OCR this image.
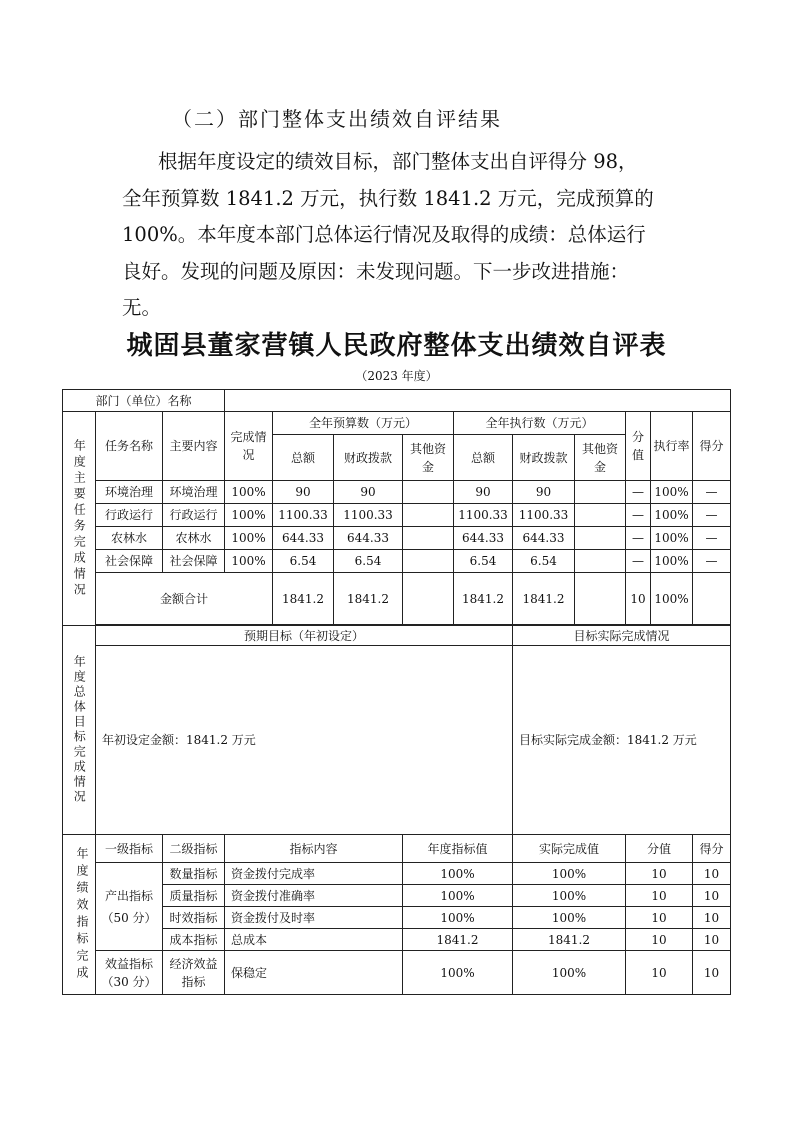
（二）部门整体支出绩效自评结果
根据年度设定的绩效目标，部门整体支出自评得分 98，
全年预算数 1841.2 万元，执行数 1841.2 万元，完成预算的
100%。本年度本部门总体运行情况及取得的成绩：总体运行
良好。发现的问题及原因：未发现问题。下一步改进措施：
无。
城固县董家营镇人民政府整体支出绩效自评表
（2023 年度）
部门（单位）名称												
年度主要任务完成情况	任务名称	主要内容	完成情况	全年预算数（万元）			全年执行数（万元）			分值	执行率	得分
				总额	财政拨款	其他资金	总额	财政拨款	其他资金			
	环境治理	环境治理	100%	90	90		90	90		—	100%	—
	行政运行	行政运行	100%	1100.33	1100.33		1100.33	1100.33		—	100%	—
	农林水	农林水	100%	644.33	644.33		644.33	644.33		—	100%	—
	社会保障	社会保障	100%	6.54	6.54		6.54	6.54		—	100%	—
	金额合计			1841.2	1841.2		1841.2	1841.2		10	100%	

年度总体目标完成情况	预期目标（年初设定）							目标实际完成情况				
	年初设定金额：1841.2 万元							目标实际完成金额：1841.2 万元				
年度绩效指标完成	一级指标	二级指标	指标内容			年度指标值		实际完成值		分值		得分
	产出指标
（50 分）	数量指标	资金拨付完成率			100%		100%		10		10
		质量指标	资金拨付准确率			100%		100%		10		10
		时效指标	资金拨付及时率			100%		100%		10		10
		成本指标	总成本			1841.2		1841.2		10		10
	效益指标
（30 分）	经济效益
指标	保稳定			100%		100%		10		10
